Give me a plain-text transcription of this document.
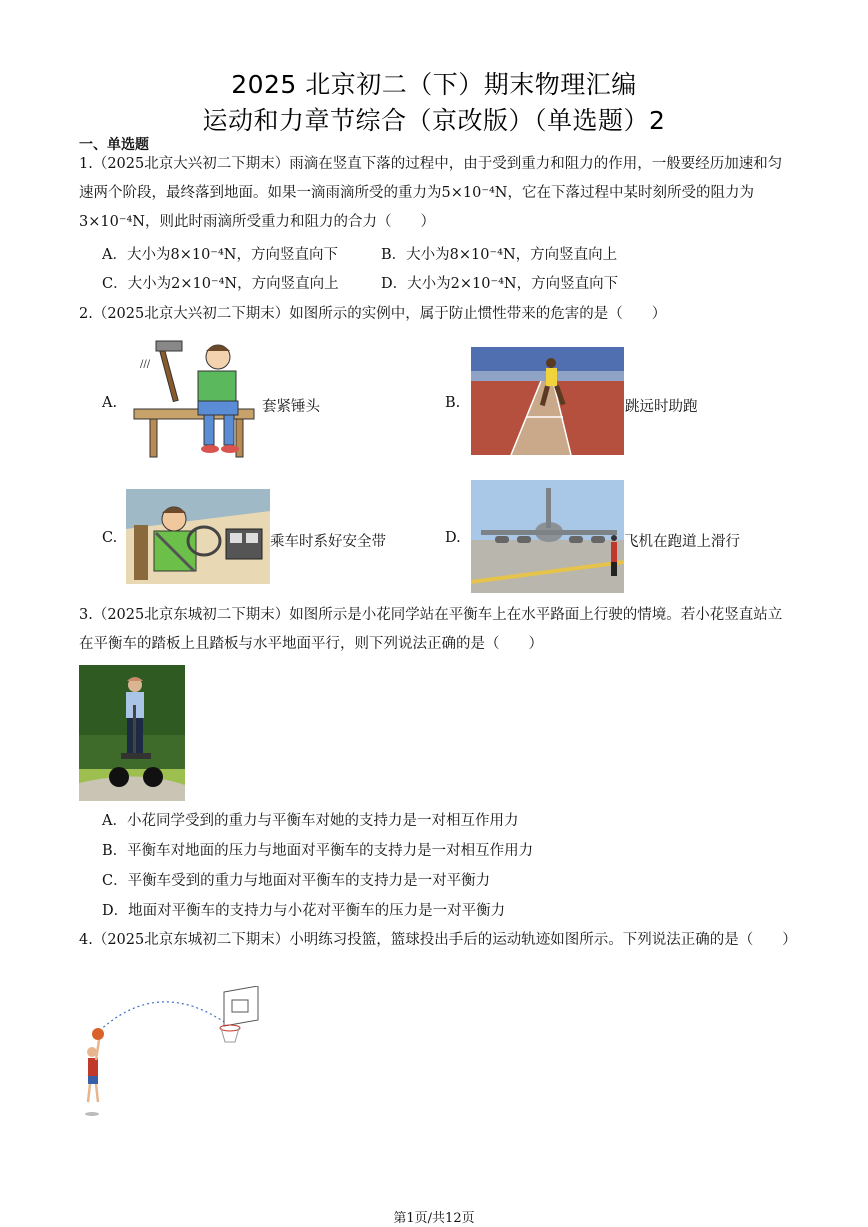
2025 北京初二（下）期末物理汇编
运动和力章节综合（京改版）（单选题）2
一、单选题
1.（2025北京大兴初二下期末）雨滴在竖直下落的过程中，由于受到重力和阻力的作用，一般要经历加速和匀速两个阶段，最终落到地面。如果一滴雨滴所受的重力为5×10⁻⁴N，它在下落过程中某时刻所受的阻力为3×10⁻⁴N，则此时雨滴所受重力和阻力的合力（　　）
A．大小为8×10⁻⁴N，方向竖直向下	B．大小为8×10⁻⁴N，方向竖直向上
C．大小为2×10⁻⁴N，方向竖直向上	D．大小为2×10⁻⁴N，方向竖直向下
2.（2025北京大兴初二下期末）如图所示的实例中，属于防止惯性带来的危害的是（　　）
A.
///
套紧锤头	B.	跳远时助跑
C.	乘车时系好安全带	D.	飞机在跑道上滑行
3.（2025北京东城初二下期末）如图所示是小花同学站在平衡车上在水平路面上行驶的情境。若小花竖直站立在平衡车的踏板上且踏板与水平地面平行，则下列说法正确的是（　　）
A．小花同学受到的重力与平衡车对她的支持力是一对相互作用力
B．平衡车对地面的压力与地面对平衡车的支持力是一对相互作用力
C．平衡车受到的重力与地面对平衡车的支持力是一对平衡力
D．地面对平衡车的支持力与小花对平衡车的压力是一对平衡力
4.（2025北京东城初二下期末）小明练习投篮，篮球投出手后的运动轨迹如图所示。下列说法正确的是（　　）
第1页/共12页
